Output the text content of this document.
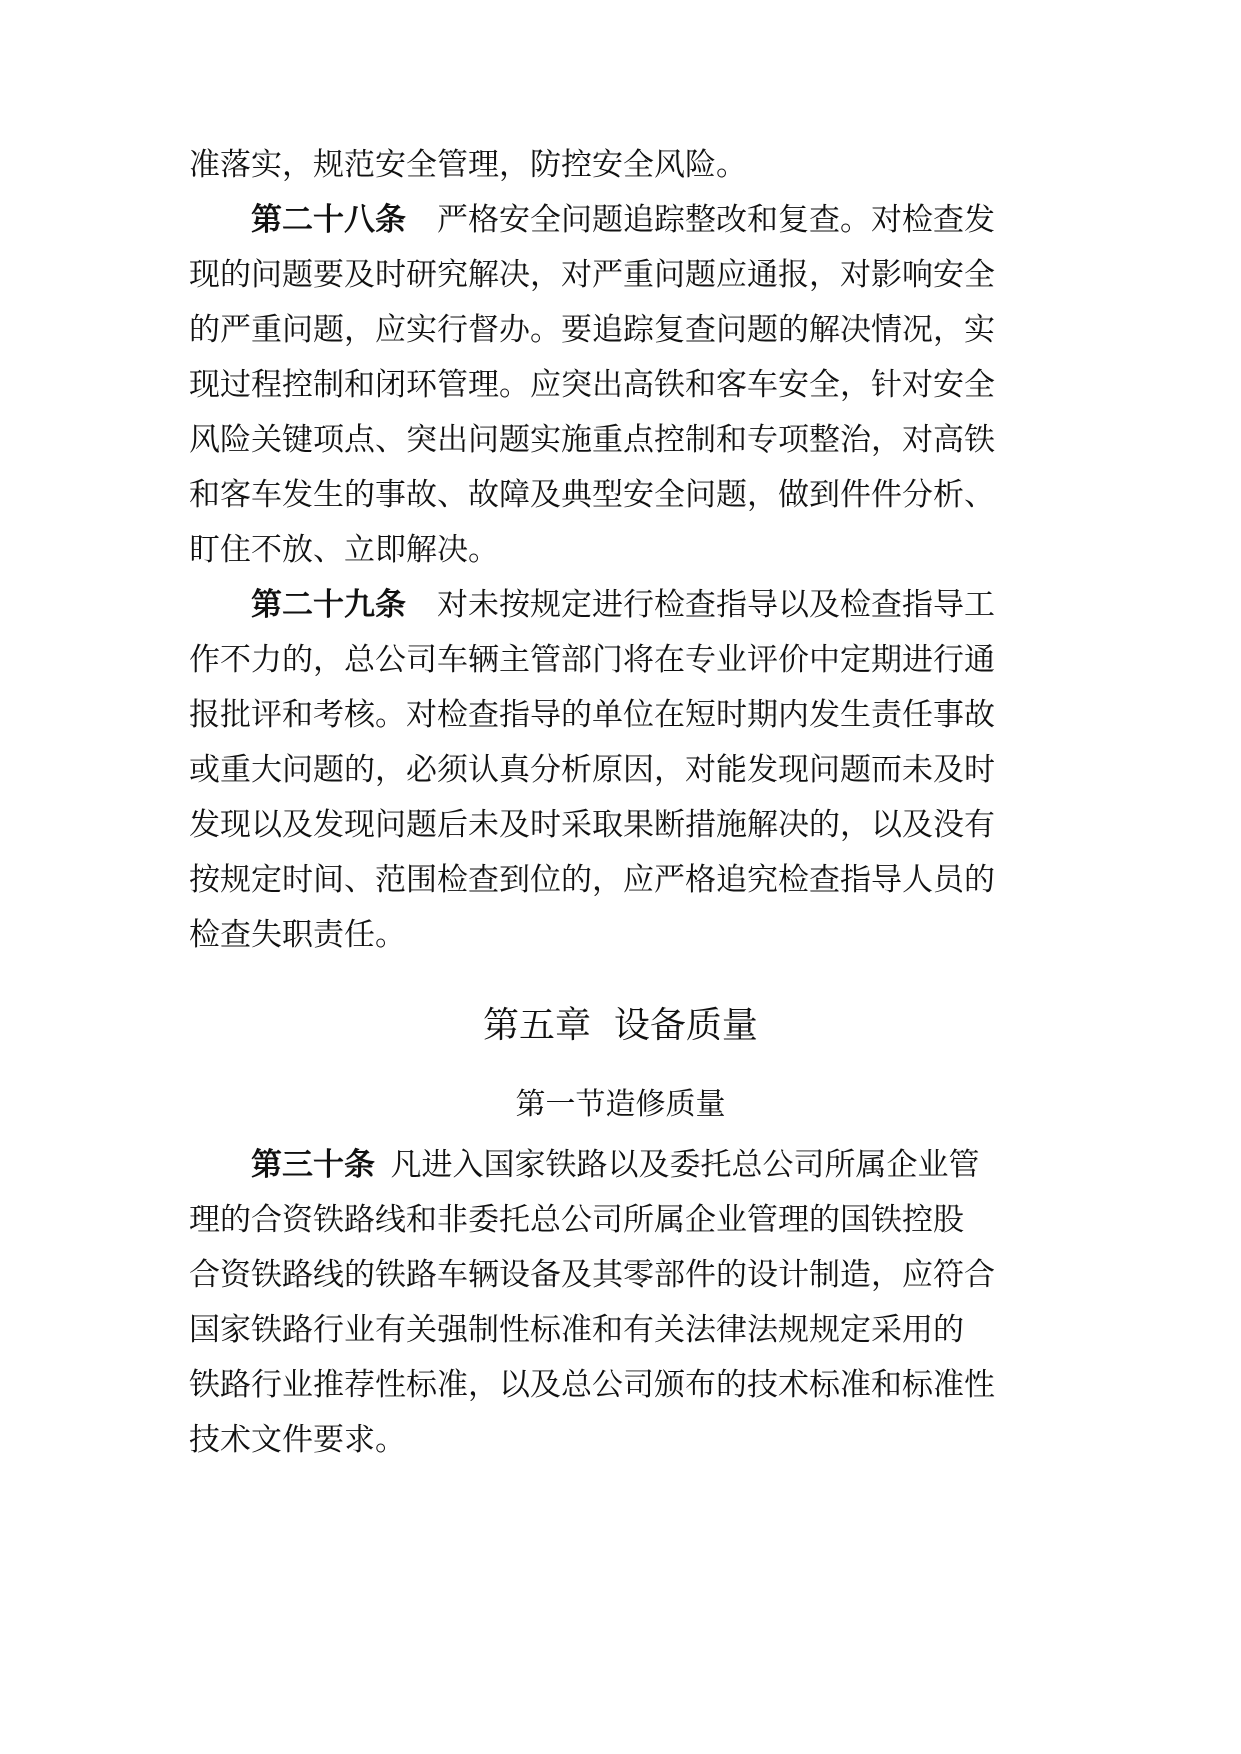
准落实，规范安全管理，防控安全风险。
第二十八条　 严格安全问题追踪整改和复查。对检查发
现的问题要及时研究解决，对严重问题应通报，对影响安全
的严重问题，应实行督办。要追踪复查问题的解决情况，实
现过程控制和闭环管理。应突出高铁和客车安全，针对安全
风险关键项点、突出问题实施重点控制和专项整治，对高铁
和客车发生的事故、故障及典型安全问题，做到件件分析、
盯住不放、立即解决。
第二十九条　 对未按规定进行检查指导以及检查指导工
作不力的，总公司车辆主管部门将在专业评价中定期进行通
报批评和考核。对检查指导的单位在短时期内发生责任事故
或重大问题的，必须认真分析原因，对能发现问题而未及时
发现以及发现问题后未及时采取果断措施解决的，以及没有
按规定时间、范围检查到位的，应严格追究检查指导人员的
检查失职责任。
第五章  设备质量
第一节造修质量
第三十条  凡进入国家铁路以及委托总公司所属企业管
理的合资铁路线和非委托总公司所属企业管理的国铁控股
合资铁路线的铁路车辆设备及其零部件的设计制造，应符合
国家铁路行业有关强制性标准和有关法律法规规定采用的
铁路行业推荐性标准，以及总公司颁布的技术标准和标准性
技术文件要求。
